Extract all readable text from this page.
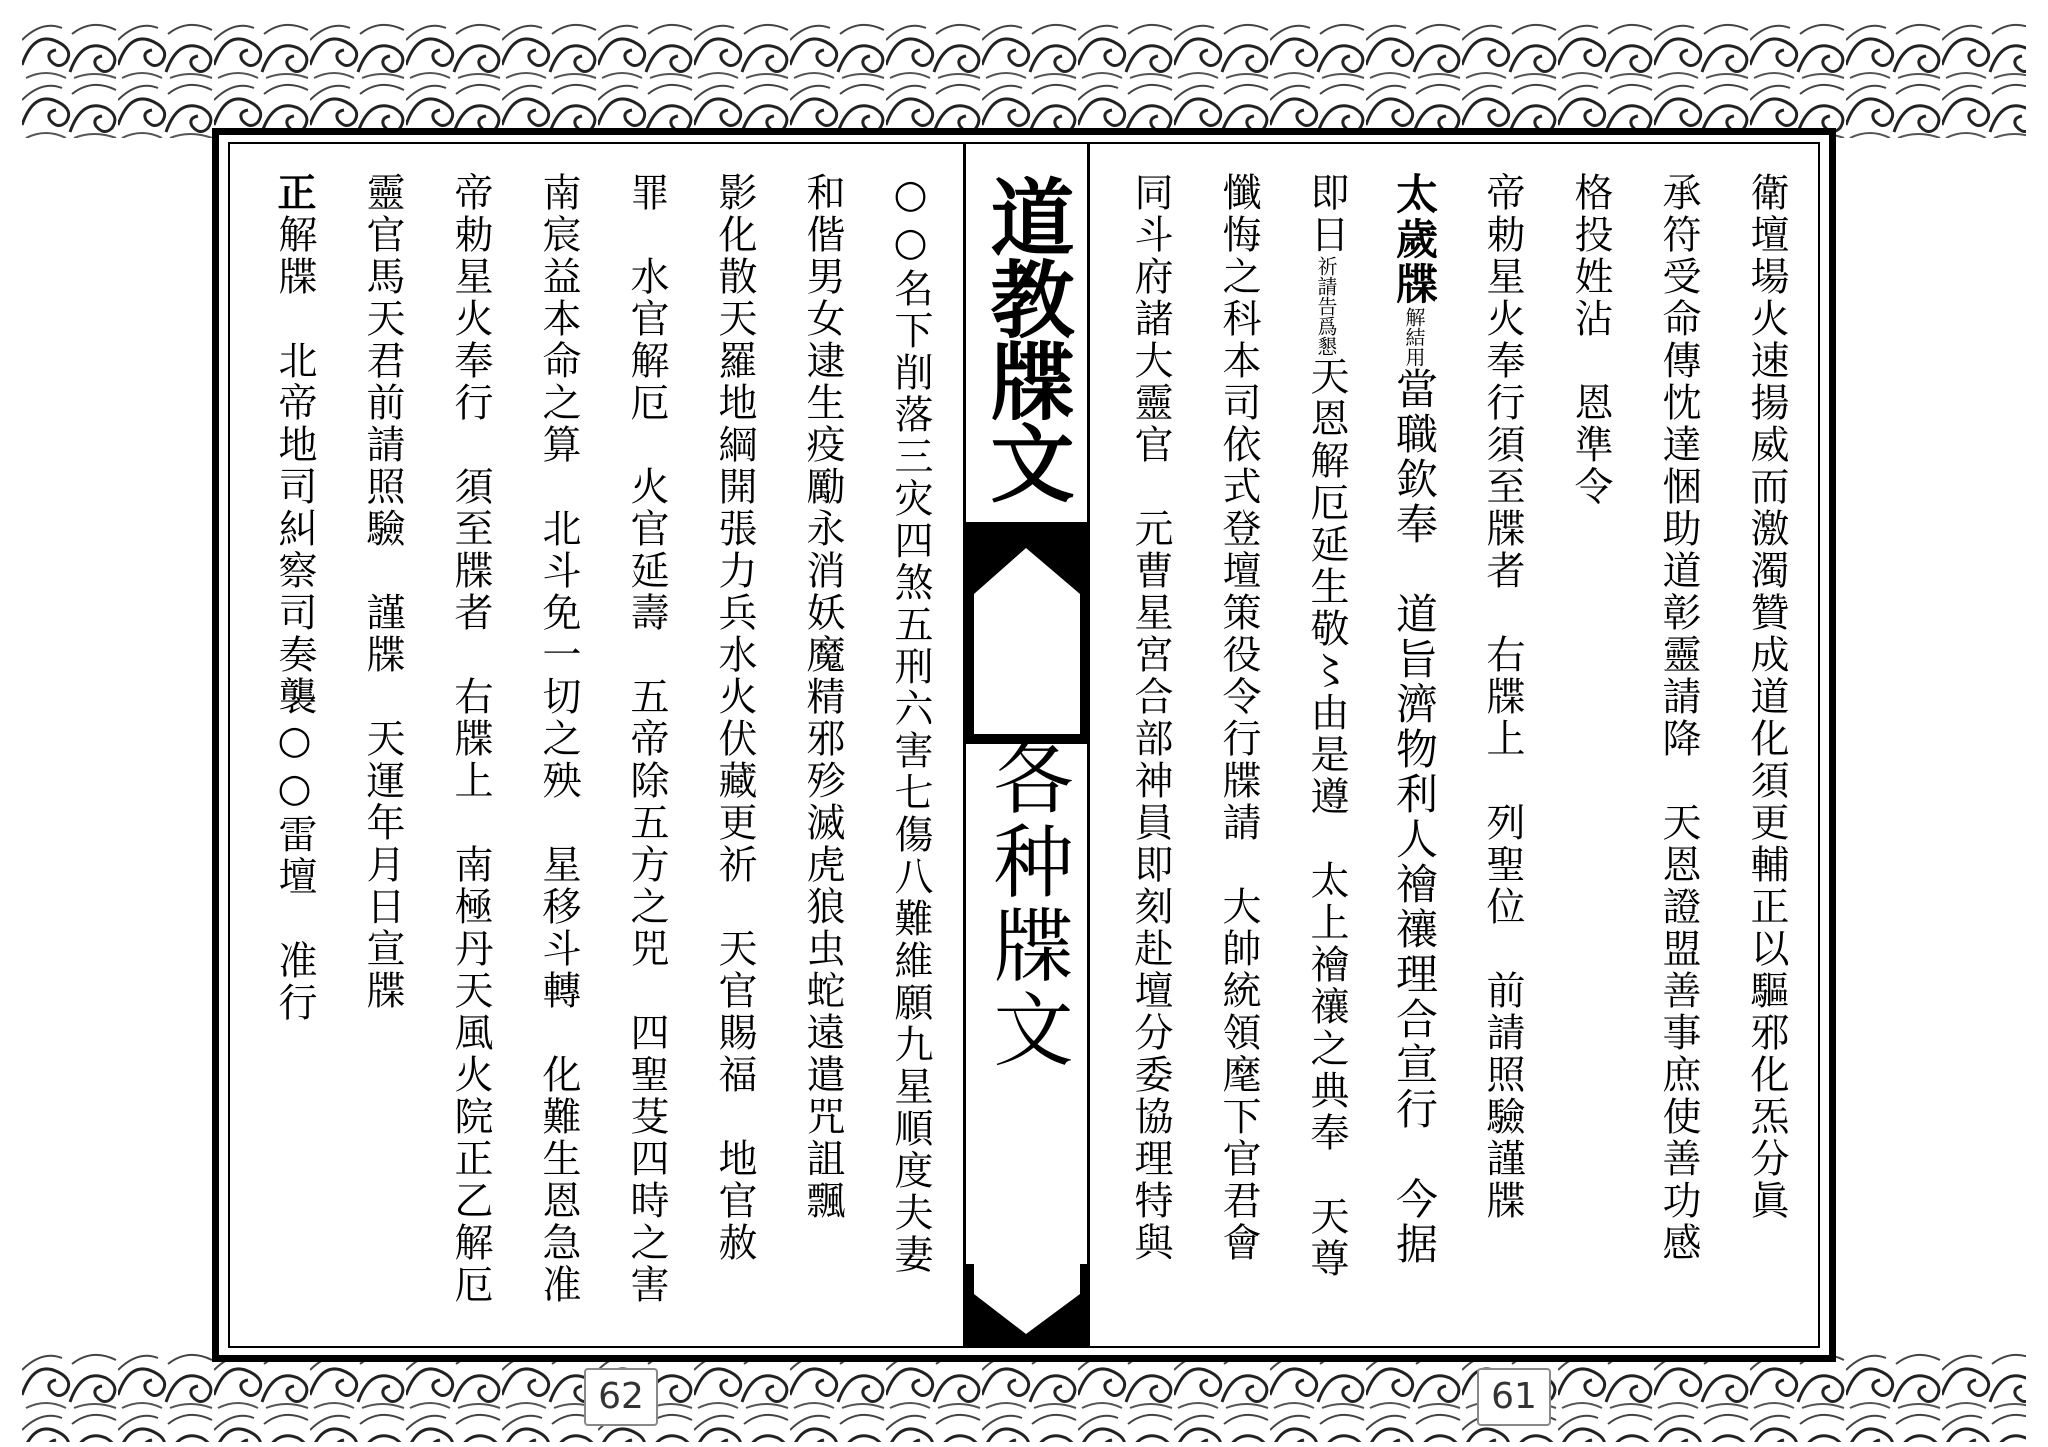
道教牒文
各种牒文	衛壇場火速揚威而激濁贊成道化須更輔正以驅邪化炁分眞
承符受命傳忱達悃助道彰靈請降　天恩證盟善事庶使善功感
格投姓沾　恩準令
帝勅星火奉行須至牒者　右牒上　列聖位　前請照驗謹牒
太歲牒解結用當職欽奉　道旨濟物利人禬禳理合宣行　今据
即日祈請告爲懇天恩解厄延生敬〻由是遵　太上禬禳之典奉　天尊
懺悔之科本司依式登壇策役令行牒請　大帥統領麾下官君會
同斗府諸大靈官　元曹星宮合部神員即刻赴壇分委協理特與
○○名下削落三灾四煞五刑六害七傷八難維願九星順度夫妻
和偕男女逮生疫勵永消妖魔精邪殄滅虎狼虫蛇遠遣咒詛飄
影化散天羅地綱開張力兵水火伏藏更祈　天官賜福　地官赦
罪　水官解厄　火官延壽　五帝除五方之兕　四聖芟四時之害
南宸益本命之算　北斗免一切之殃　星移斗轉　化難生恩急准
帝勅星火奉行　須至牒者　右牒上　南極丹天風火院正乙解厄
靈官馬天君前請照驗　謹牒　天運年月日宣牒
正解牒　北帝地司糾察司奏襲○○雷壇　准行
62	61
